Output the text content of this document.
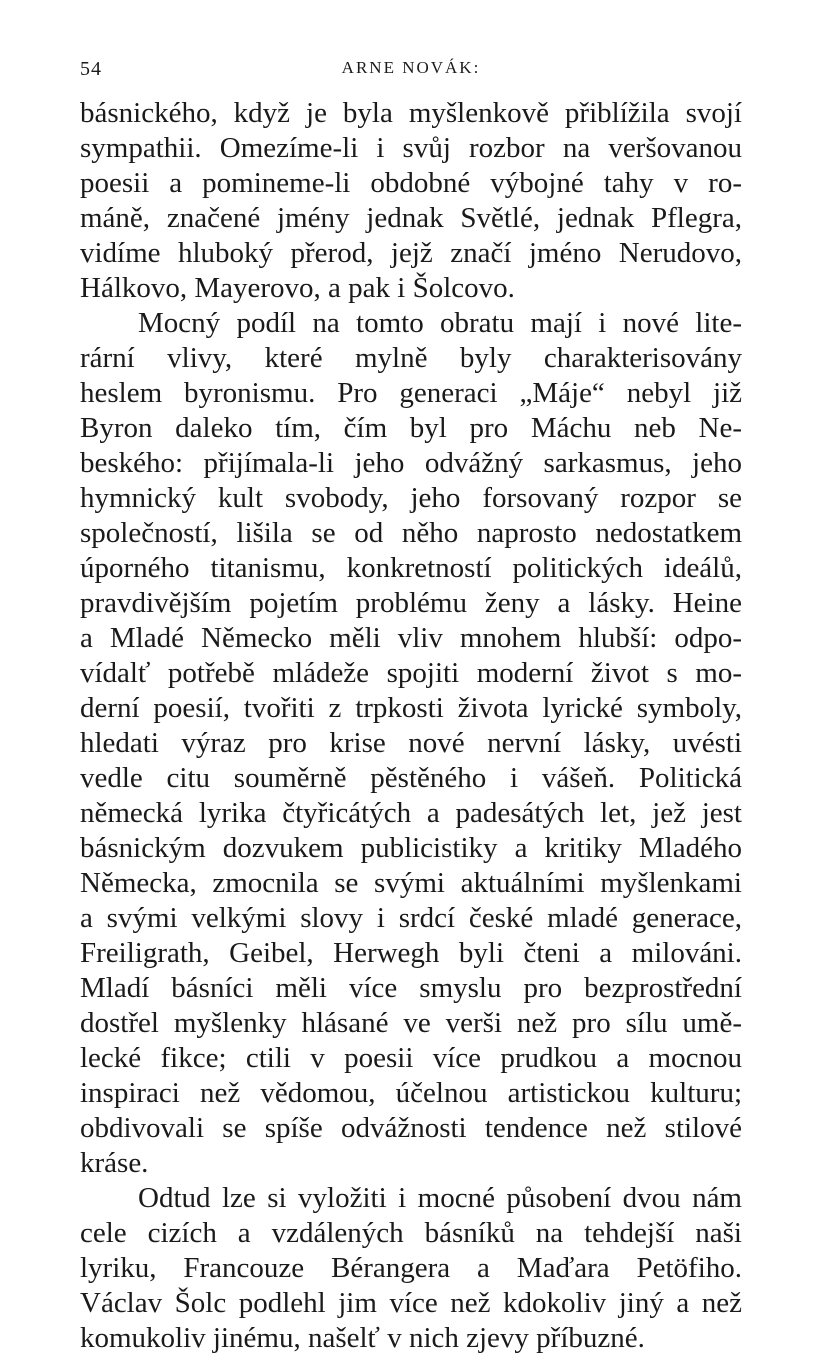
54	ARNE NOVÁK:
básnického, když je byla myšlenkově přiblížila svojí
sympathii. Omezíme-li i svůj rozbor na veršovanou
poesii a pomineme-li obdobné výbojné tahy v ro-
máně, značené jmény jednak Světlé, jednak Pflegra,
vidíme hluboký přerod, jejž značí jméno Nerudovo,
Hálkovo, Mayerovo, a pak i Šolcovo.
Mocný podíl na tomto obratu mají i nové lite-
rární vlivy, které mylně byly charakterisovány
heslem byronismu. Pro generaci „Máje“ nebyl již
Byron daleko tím, čím byl pro Máchu neb Ne-
beského: přijímala-li jeho odvážný sarkasmus, jeho
hymnický kult svobody, jeho forsovaný rozpor se
společností, lišila se od něho naprosto nedostatkem
úporného titanismu, konkretností politických ideálů,
pravdivějším pojetím problému ženy a lásky. Heine
a Mladé Německo měli vliv mnohem hlubší: odpo-
vídalť potřebě mládeže spojiti moderní život s mo-
derní poesií, tvořiti z trpkosti života lyrické symboly,
hledati výraz pro krise nové nervní lásky, uvésti
vedle citu souměrně pěstěného i vášeň. Politická
německá lyrika čtyřicátých a padesátých let, jež jest
básnickým dozvukem publicistiky a kritiky Mladého
Německa, zmocnila se svými aktuálními myšlenkami
a svými velkými slovy i srdcí české mladé generace,
Freiligrath, Geibel, Herwegh byli čteni a milováni.
Mladí básníci měli více smyslu pro bezprostřední
dostřel myšlenky hlásané ve verši než pro sílu umě-
lecké fikce; ctili v poesii více prudkou a mocnou
inspiraci než vědomou, účelnou artistickou kulturu;
obdivovali se spíše odvážnosti tendence než stilové
kráse.
Odtud lze si vyložiti i mocné působení dvou nám
cele cizích a vzdálených básníků na tehdejší naši
lyriku, Francouze Bérangera a Maďara Petöfiho.
Václav Šolc podlehl jim více než kdokoliv jiný a než
komukoliv jinému, našelť v nich zjevy příbuzné.
